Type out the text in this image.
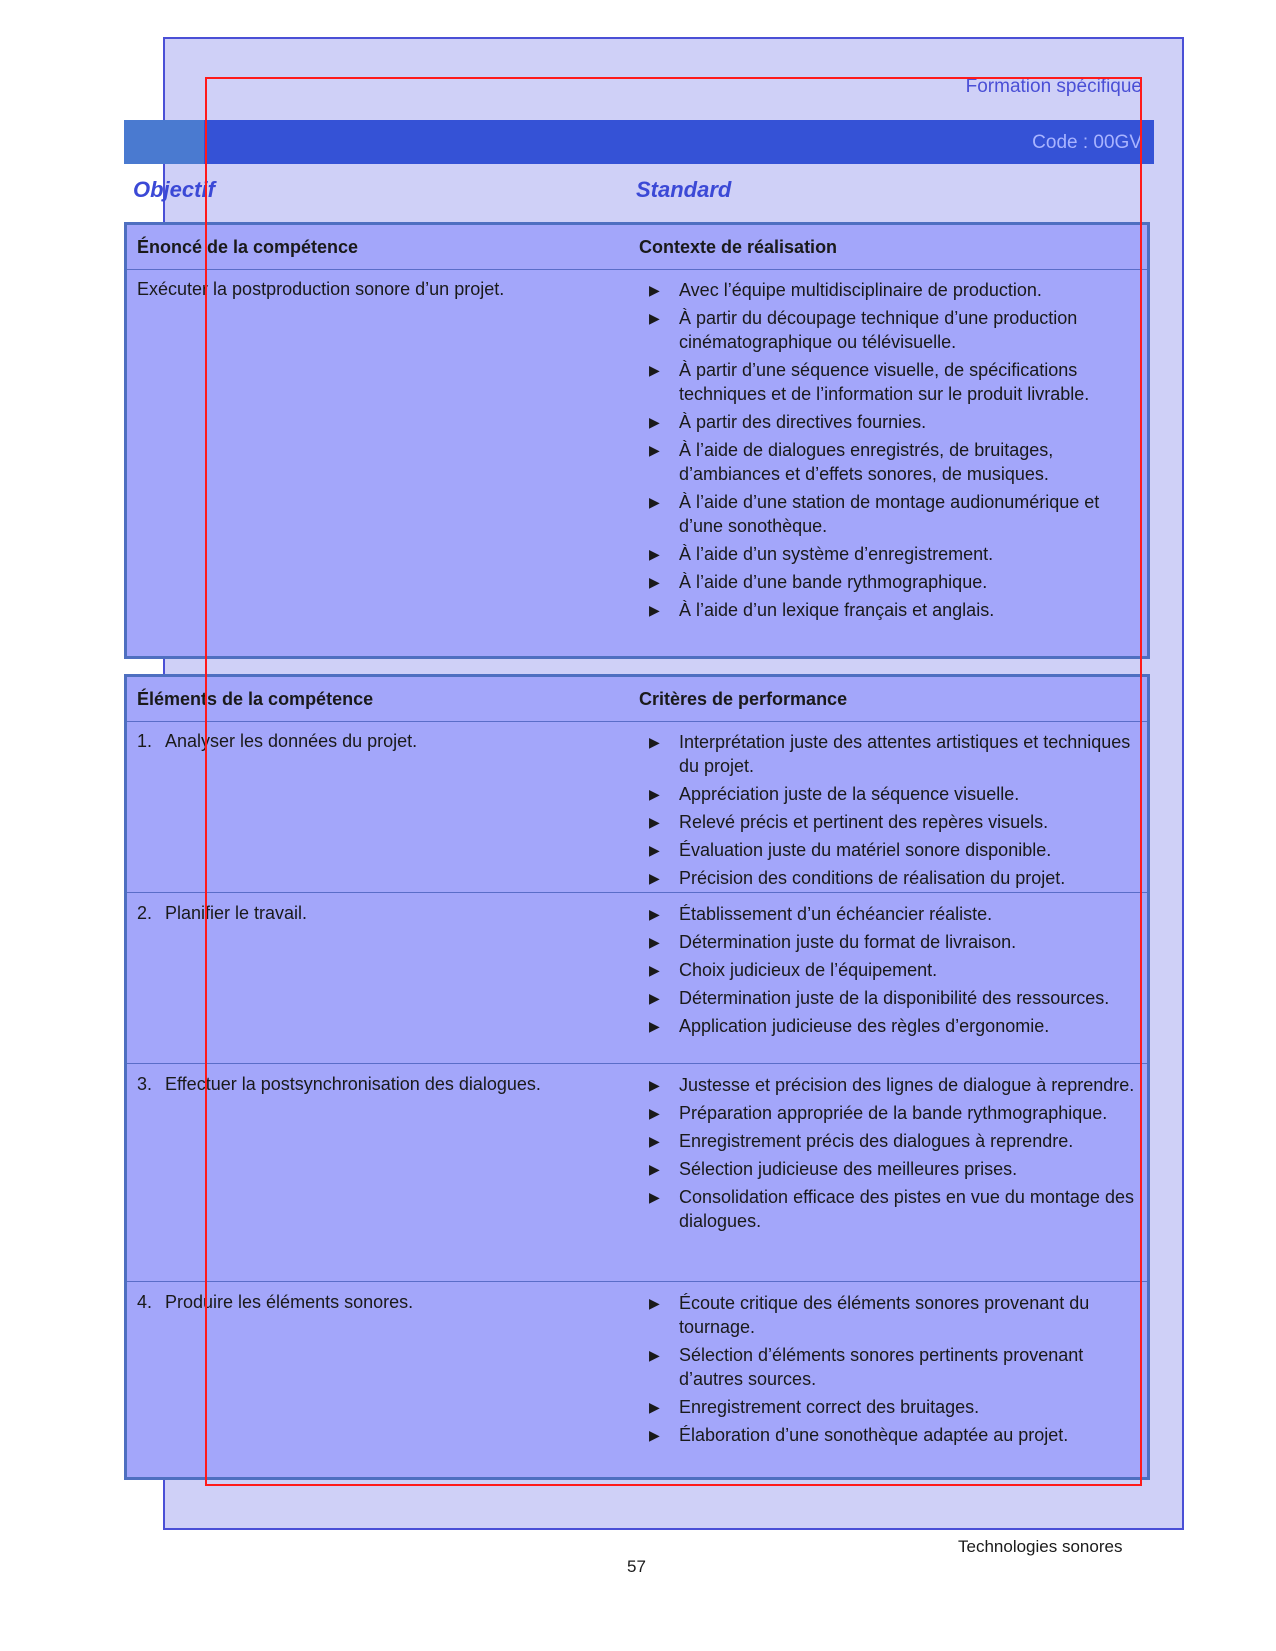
Formation spécifique
Code : 00GV
Objectif	Standard
Énoncé de la compétence	Contexte de réalisation
Exécuter la postproduction sonore d’un projet.	▶ Avec l’équipe multidisciplinaire de production.
▶ À partir du découpage technique d’une production cinématographique ou télévisuelle.
▶ À partir d’une séquence visuelle, de spécifications techniques et de l’information sur le produit livrable.
▶ À partir des directives fournies.
▶ À l’aide de dialogues enregistrés, de bruitages, d’ambiances et d’effets sonores, de musiques.
▶ À l’aide d’une station de montage audionumérique et d’une sonothèque.
▶ À l’aide d’un système d’enregistrement.
▶ À l’aide d’une bande rythmographique.
▶ À l’aide d’un lexique français et anglais.
Éléments de la compétence	Critères de performance
1. Analyser les données du projet.	▶ Interprétation juste des attentes artistiques et techniques du projet.
▶ Appréciation juste de la séquence visuelle.
▶ Relevé précis et pertinent des repères visuels.
▶ Évaluation juste du matériel sonore disponible.
▶ Précision des conditions de réalisation du projet.
2. Planifier le travail.	▶ Établissement d’un échéancier réaliste.
▶ Détermination juste du format de livraison.
▶ Choix judicieux de l’équipement.
▶ Détermination juste de la disponibilité des ressources.
▶ Application judicieuse des règles d’ergonomie.
3. Effectuer la postsynchronisation des dialogues.	▶ Justesse et précision des lignes de dialogue à reprendre.
▶ Préparation appropriée de la bande rythmographique.
▶ Enregistrement précis des dialogues à reprendre.
▶ Sélection judicieuse des meilleures prises.
▶ Consolidation efficace des pistes en vue du montage des dialogues.
4. Produire les éléments sonores.	▶ Écoute critique des éléments sonores provenant du tournage.
▶ Sélection d’éléments sonores pertinents provenant d’autres sources.
▶ Enregistrement correct des bruitages.
▶ Élaboration d’une sonothèque adaptée au projet.
Technologies sonores
57
